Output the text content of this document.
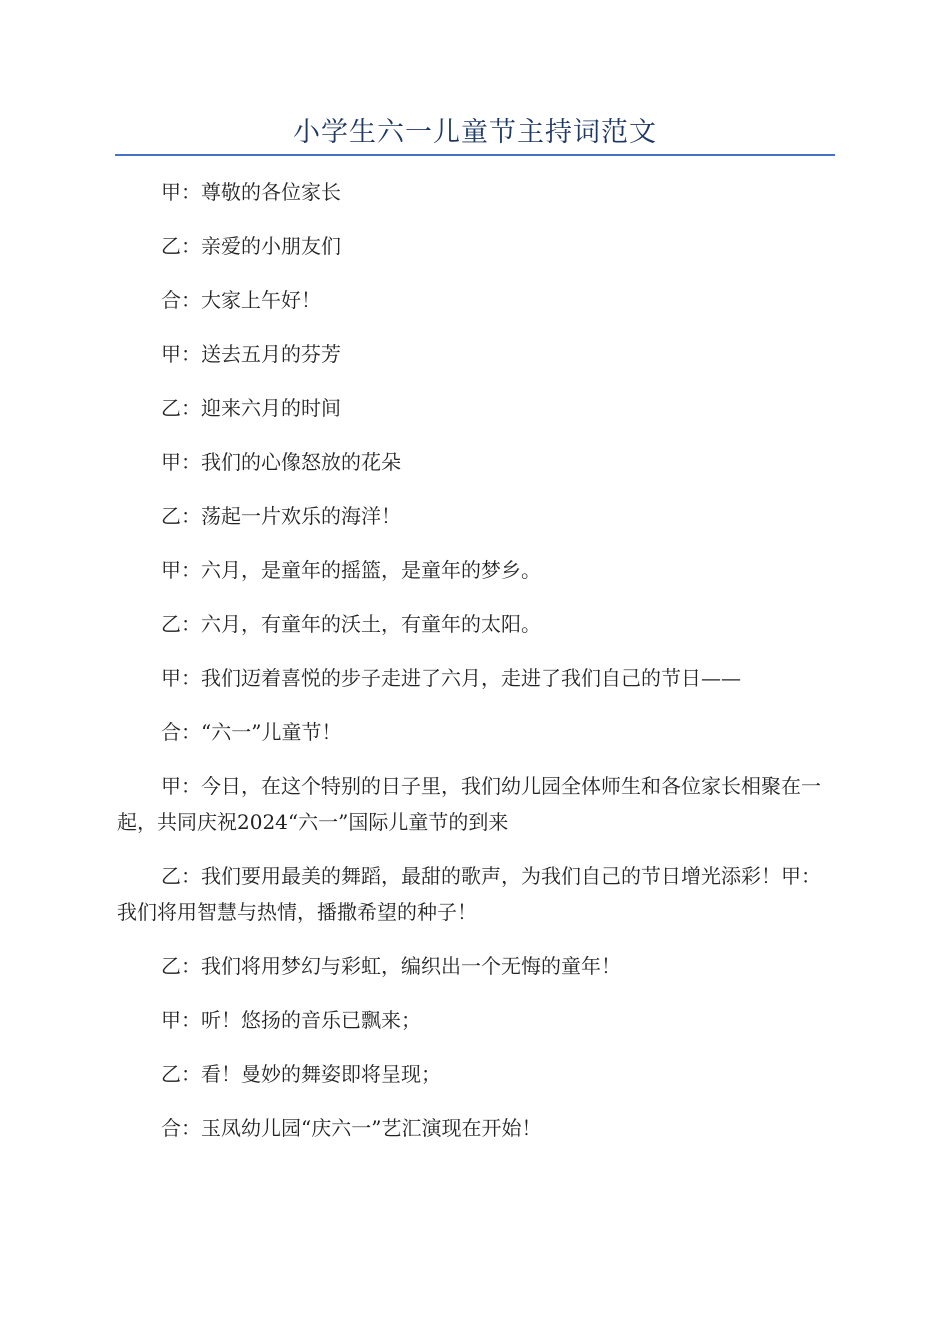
小学生六一儿童节主持词范文

甲：尊敬的各位家长

乙：亲爱的小朋友们

合：大家上午好！

甲：送去五月的芬芳

乙：迎来六月的时间

甲：我们的心像怒放的花朵

乙：荡起一片欢乐的海洋！

甲：六月，是童年的摇篮，是童年的梦乡。

乙：六月，有童年的沃土，有童年的太阳。

甲：我们迈着喜悦的步子走进了六月，走进了我们自己的节日——

合：“六一”儿童节！

甲：今日，在这个特别的日子里，我们幼儿园全体师生和各位家长相聚在一起，共同庆祝2024“六一”国际儿童节的到来

乙：我们要用最美的舞蹈，最甜的歌声，为我们自己的节日增光添彩！甲：我们将用智慧与热情，播撒希望的种子！

乙：我们将用梦幻与彩虹，编织出一个无悔的童年！

甲：听！悠扬的音乐已飘来；

乙：看！曼妙的舞姿即将呈现；

合：玉凤幼儿园“庆六一”艺汇演现在开始！
